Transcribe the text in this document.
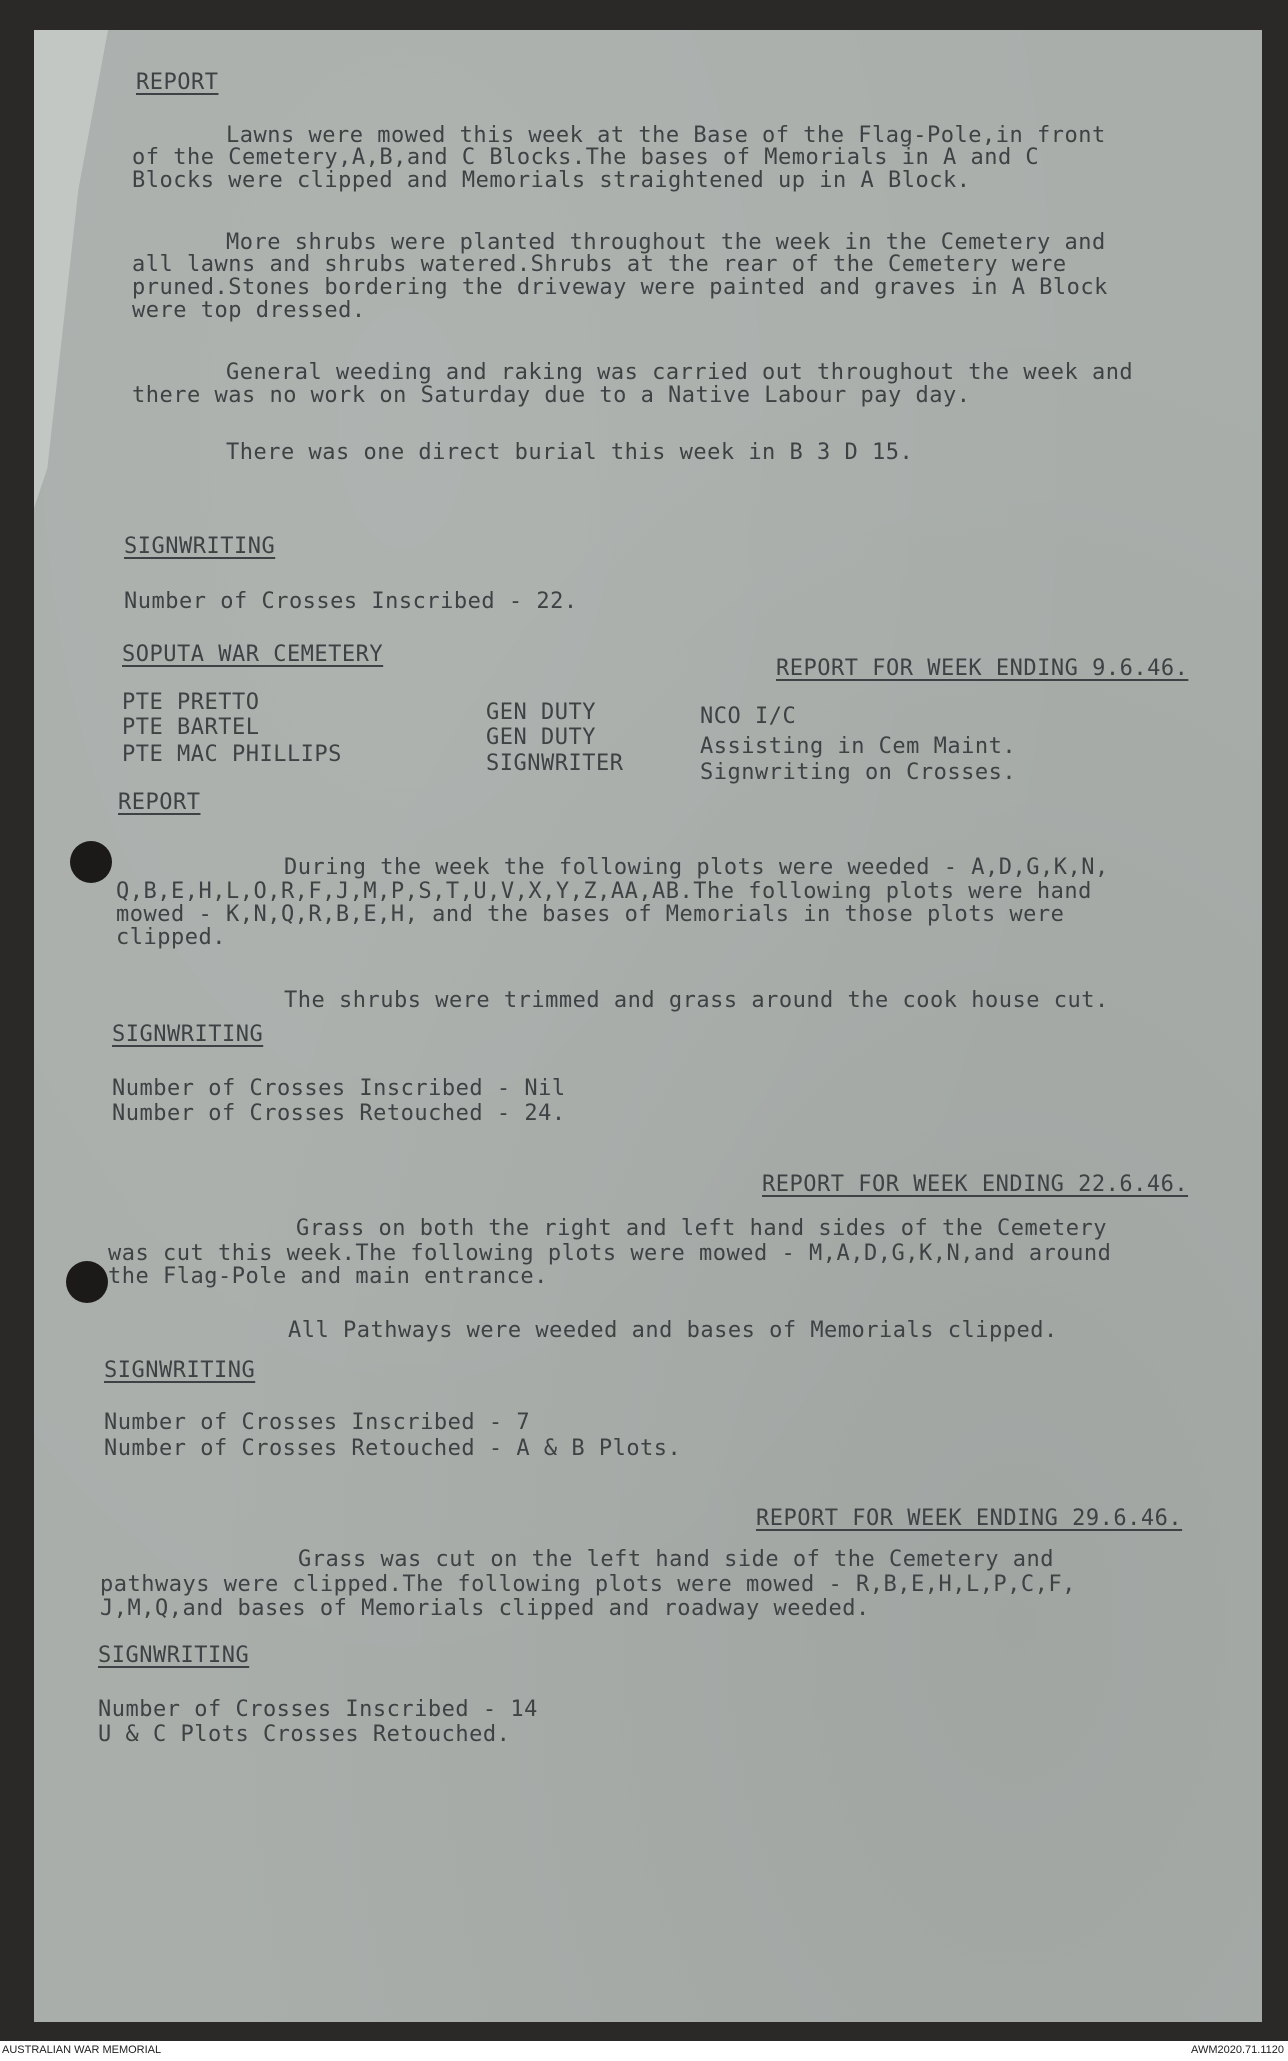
REPORT
Lawns were mowed this week at the Base of the Flag-Pole,in front
of the Cemetery,A,B,and C Blocks.The bases of Memorials in A and C
Blocks were clipped and Memorials straightened up in A Block.
More shrubs were planted throughout the week in the Cemetery and
all lawns and shrubs watered.Shrubs at the rear of the Cemetery were
pruned.Stones bordering the driveway were painted and graves in A Block
were top dressed.
General weeding and raking was carried out throughout the week and
there was no work on Saturday due to a Native Labour pay day.
There was one direct burial this week in B 3 D 15.
SIGNWRITING
Number of Crosses Inscribed - 22.
SOPUTA WAR CEMETERY
REPORT FOR WEEK ENDING 9.6.46.
PTE PRETTO	GEN DUTY	NCO I/C
PTE BARTEL	GEN DUTY	Assisting in Cem Maint.
PTE MAC PHILLIPS	SIGNWRITER	Signwriting on Crosses.
REPORT
During the week the following plots were weeded - A,D,G,K,N,
Q,B,E,H,L,O,R,F,J,M,P,S,T,U,V,X,Y,Z,AA,AB.The following plots were hand
mowed - K,N,Q,R,B,E,H, and the bases of Memorials in those plots were
clipped.
The shrubs were trimmed and grass around the cook house cut.
SIGNWRITING
Number of Crosses Inscribed - Nil
Number of Crosses Retouched - 24.
REPORT FOR WEEK ENDING 22.6.46.
Grass on both the right and left hand sides of the Cemetery
was cut this week.The following plots were mowed - M,A,D,G,K,N,and around
the Flag-Pole and main entrance.
All Pathways were weeded and bases of Memorials clipped.
SIGNWRITING
Number of Crosses Inscribed - 7
Number of Crosses Retouched - A & B Plots.
REPORT FOR WEEK ENDING 29.6.46.
Grass was cut on the left hand side of the Cemetery and
pathways were clipped.The following plots were mowed - R,B,E,H,L,P,C,F,
J,M,Q,and bases of Memorials clipped and roadway weeded.
SIGNWRITING
Number of Crosses Inscribed - 14
U & C Plots Crosses Retouched.
AUSTRALIAN WAR MEMORIAL	AWM2020.71.1120
